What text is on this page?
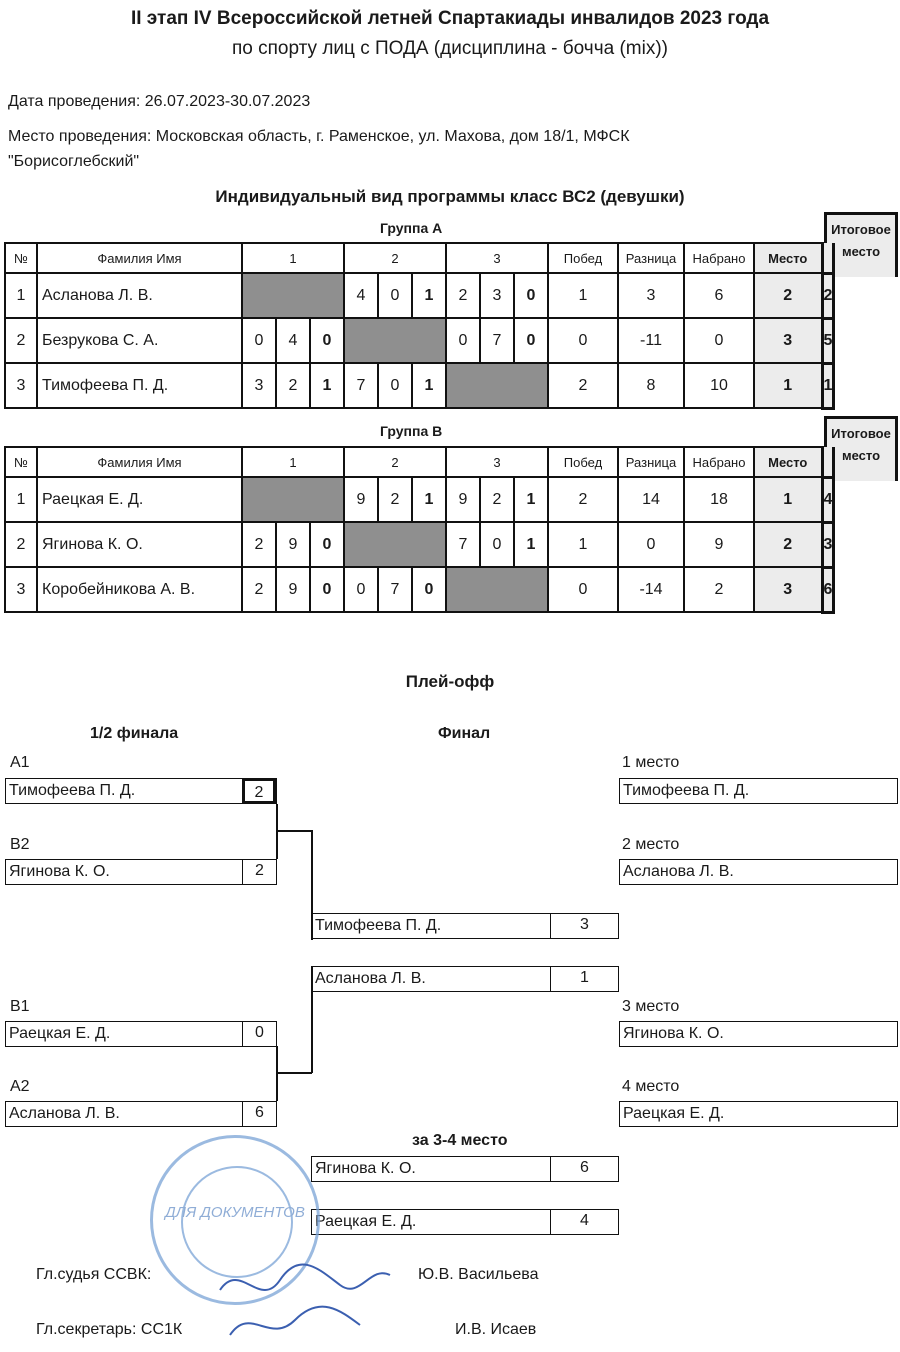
II этап IV Всероссийской летней Спартакиады инвалидов 2023 года
по спорту лиц с ПОДА (дисциплина - бочча (mix))
Дата проведения: 26.07.2023-30.07.2023
Место проведения: Московская область, г. Раменское, ул. Махова, дом 18/1, МФСК
"Борисоглебский"
Индивидуальный вид программы класс ВС2 (девушки)
Группа А	Итоговое место
№	Фамилия Имя	1			2			3			Побед	Разница	Набрано	Место	
1	Асланова Л. В.				4	0	1	2	3	0	1	3	6	2	2
2	Безрукова С. А.	0	4	0				0	7	0	0	-11	0	3	5
3	Тимофеева П. Д.	3	2	1	7	0	1				2	8	10	1	1
Группа В	Итоговое место
№	Фамилия Имя	1			2			3			Побед	Разница	Набрано	Место	
1	Раецкая Е. Д.				9	2	1	9	2	1	2	14	18	1	4
2	Ягинова К. О.	2	9	0				7	0	1	1	0	9	2	3
3	Коробейникова А. В.	2	9	0	0	7	0				0	-14	2	3	6
Плей-офф
1/2 финала	Финал
А1
Тимофеева П. Д.	2
В2
Ягинова К. О.	2
В1
Раецкая Е. Д.	0
А2
Асланова Л. В.	6
Тимофеева П. Д.	3
Асланова Л. В.	1
за 3-4 место
Ягинова К. О.	6
Раецкая Е. Д.	4
1 место
Тимофеева П. Д.
2 место
Асланова Л. В.
3 место
Ягинова К. О.
4 место
Раецкая Е. Д.
ДЛЯ ДОКУМЕНТОВ
Гл.судья ССВК:	Ю.В. Васильева
Гл.секретарь: СС1К	И.В. Исаев
